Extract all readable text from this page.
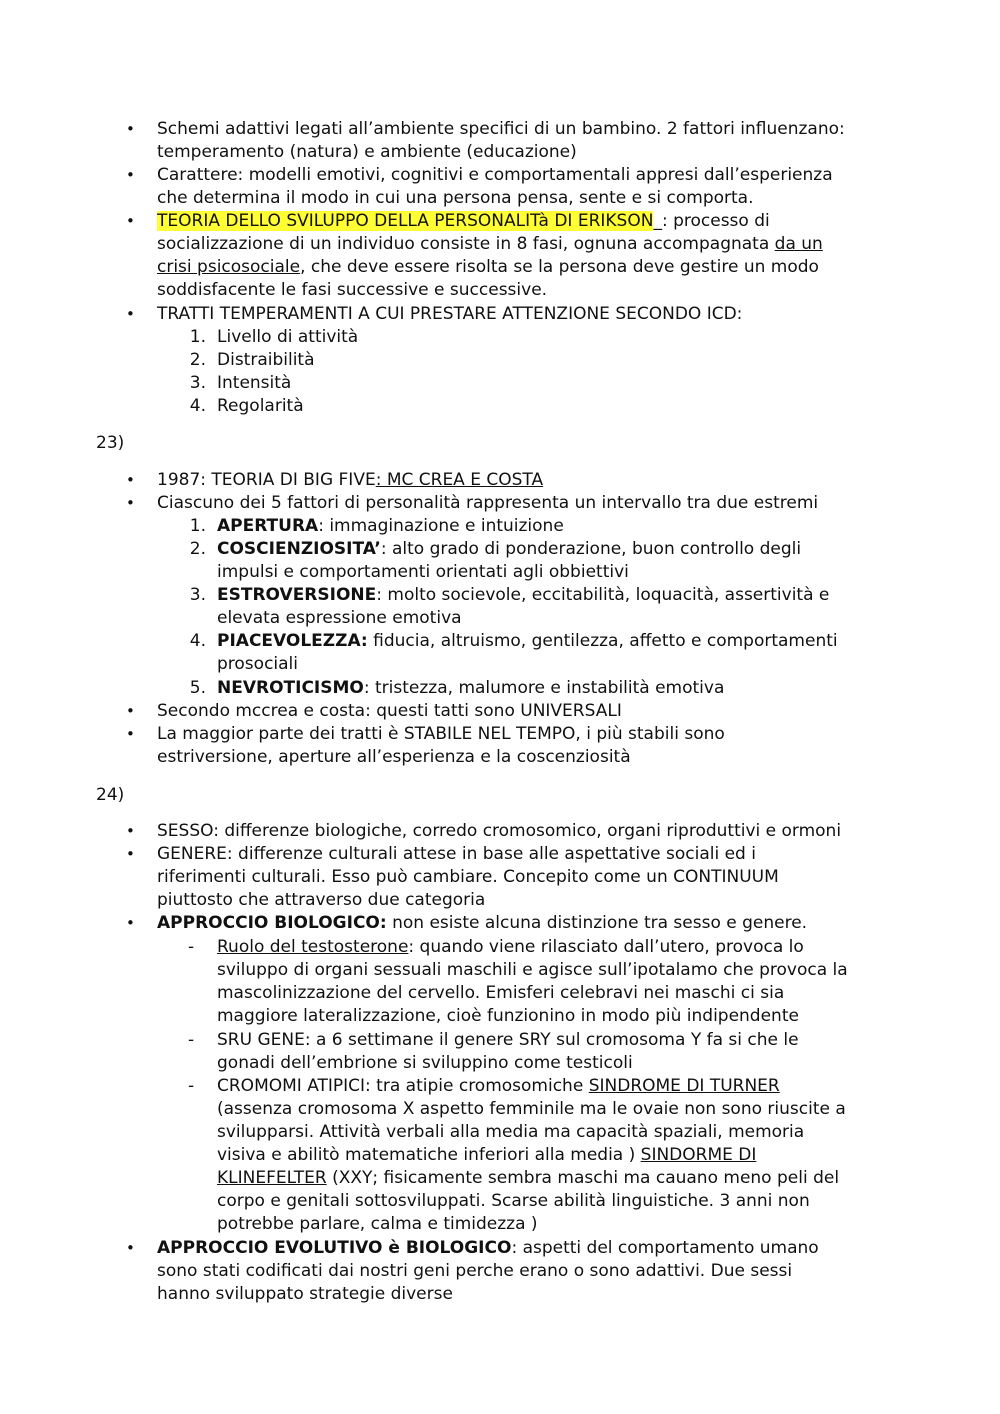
• Schemi adattivi legati all’ambiente specifici di un bambino. 2 fattori influenzano:
temperamento (natura) e ambiente (educazione)
• Carattere: modelli emotivi, cognitivi e comportamentali appresi dall’esperienza
che determina il modo in cui una persona pensa, sente e si comporta.
• TEORIA DELLO SVILUPPO DELLA PERSONALITà DI ERIKSON_: processo di
socializzazione di un individuo consiste in 8 fasi, ognuna accompagnata da un
crisi psicosociale, che deve essere risolta se la persona deve gestire un modo
soddisfacente le fasi successive e successive.
• TRATTI TEMPERAMENTI A CUI PRESTARE ATTENZIONE SECONDO ICD:
1. Livello di attività
2. Distraibilità
3. Intensità
4. Regolarità
23)
• 1987: TEORIA DI BIG FIVE: MC CREA E COSTA
• Ciascuno dei 5 fattori di personalità rappresenta un intervallo tra due estremi
1. APERTURA: immaginazione e intuizione
2. COSCIENZIOSITA’: alto grado di ponderazione, buon controllo degli
impulsi e comportamenti orientati agli obbiettivi
3. ESTROVERSIONE: molto socievole, eccitabilità, loquacità, assertività e
elevata espressione emotiva
4. PIACEVOLEZZA: fiducia, altruismo, gentilezza, affetto e comportamenti
prosociali
5. NEVROTICISMO: tristezza, malumore e instabilità emotiva
• Secondo mccrea e costa: questi tatti sono UNIVERSALI
• La maggior parte dei tratti è STABILE NEL TEMPO, i più stabili sono
estriversione, aperture all’esperienza e la coscenziosità
24)
• SESSO: differenze biologiche, corredo cromosomico, organi riproduttivi e ormoni
• GENERE: differenze culturali attese in base alle aspettative sociali ed i
riferimenti culturali. Esso può cambiare. Concepito come un CONTINUUM
piuttosto che attraverso due categoria
• APPROCCIO BIOLOGICO: non esiste alcuna distinzione tra sesso e genere.
- Ruolo del testosterone: quando viene rilasciato dall’utero, provoca lo
sviluppo di organi sessuali maschili e agisce sull’ipotalamo che provoca la
mascolinizzazione del cervello. Emisferi celebravi nei maschi ci sia
maggiore lateralizzazione, cioè funzionino in modo più indipendente
- SRU GENE: a 6 settimane il genere SRY sul cromosoma Y fa si che le
gonadi dell’embrione si sviluppino come testicoli
- CROMOMI ATIPICI: tra atipie cromosomiche SINDROME DI TURNER
(assenza cromosoma X aspetto femminile ma le ovaie non sono riuscite a
svilupparsi. Attività verbali alla media ma capacità spaziali, memoria
visiva e abilitò matematiche inferiori alla media ) SINDORME DI
KLINEFELTER (XXY; fisicamente sembra maschi ma cauano meno peli del
corpo e genitali sottosviluppati. Scarse abilità linguistiche. 3 anni non
potrebbe parlare, calma e timidezza )
• APPROCCIO EVOLUTIVO è BIOLOGICO: aspetti del comportamento umano
sono stati codificati dai nostri geni perche erano o sono adattivi. Due sessi
hanno sviluppato strategie diverse
